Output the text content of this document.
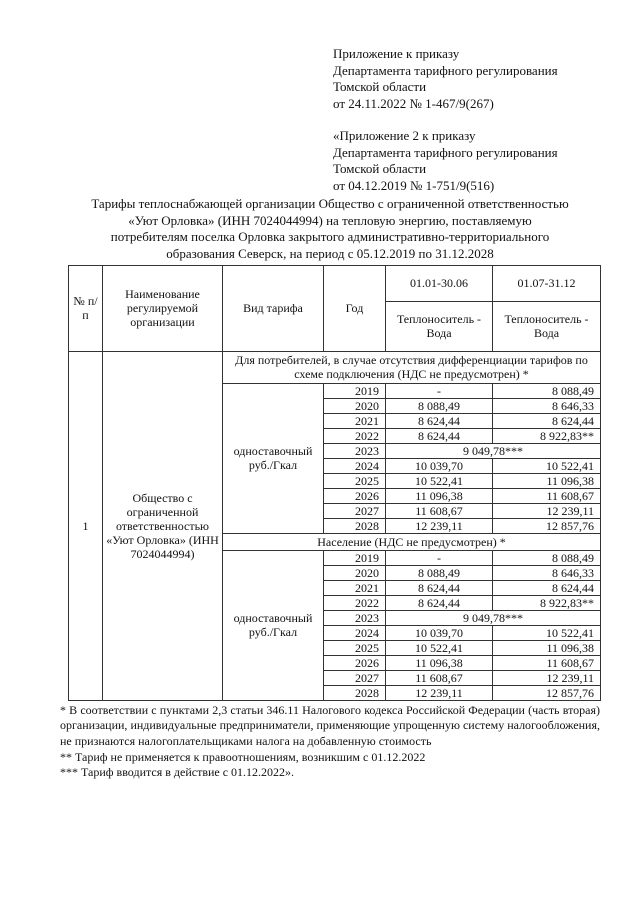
Приложение к приказу
Департамента тарифного регулирования
Томской области
от 24.11.2022 № 1-467/9(267)
«Приложение 2 к приказу
Департамента тарифного регулирования
Томской области
от 04.12.2019 № 1-751/9(516)
Тарифы теплоснабжающей организации Общество с ограниченной ответственностью
«Уют Орловка» (ИНН 7024044994) на тепловую энергию, поставляемую
потребителям поселка Орловка закрытого административно-территориального
образования Северск, на период с 05.12.2019 по 31.12.2028
№ п/п	Наименование регулируемой организации	Вид тарифа	Год	01.01-30.06	01.07-31.12
				Теплоноситель - Вода	Теплоноситель - Вода
1	Общество с ограниченной ответственностью «Уют Орловка» (ИНН 7024044994)	Для потребителей, в случае отсутствия дифференциации тарифов по схеме подключения (НДС не предусмотрен) *			
		одноставочный руб./Гкал	2019	-	8 088,49
			2020	8 088,49	8 646,33
			2021	8 624,44	8 624,44
			2022	8 624,44	8 922,83**
			2023	9 049,78***	
			2024	10 039,70	10 522,41
			2025	10 522,41	11 096,38
			2026	11 096,38	11 608,67
			2027	11 608,67	12 239,11
			2028	12 239,11	12 857,76
		Население (НДС не предусмотрен) *			
		одноставочный руб./Гкал	2019	-	8 088,49
			2020	8 088,49	8 646,33
			2021	8 624,44	8 624,44
			2022	8 624,44	8 922,83**
			2023	9 049,78***	
			2024	10 039,70	10 522,41
			2025	10 522,41	11 096,38
			2026	11 096,38	11 608,67
			2027	11 608,67	12 239,11
			2028	12 239,11	12 857,76
* В соответствии с пунктами 2,3 статьи 346.11 Налогового кодекса Российской Федерации (часть вторая) организации, индивидуальные предприниматели, применяющие упрощенную систему налогообложения, не признаются налогоплательщиками налога на добавленную стоимость
** Тариф не применяется к правоотношениям, возникшим с 01.12.2022
*** Тариф вводится в действие с 01.12.2022».
